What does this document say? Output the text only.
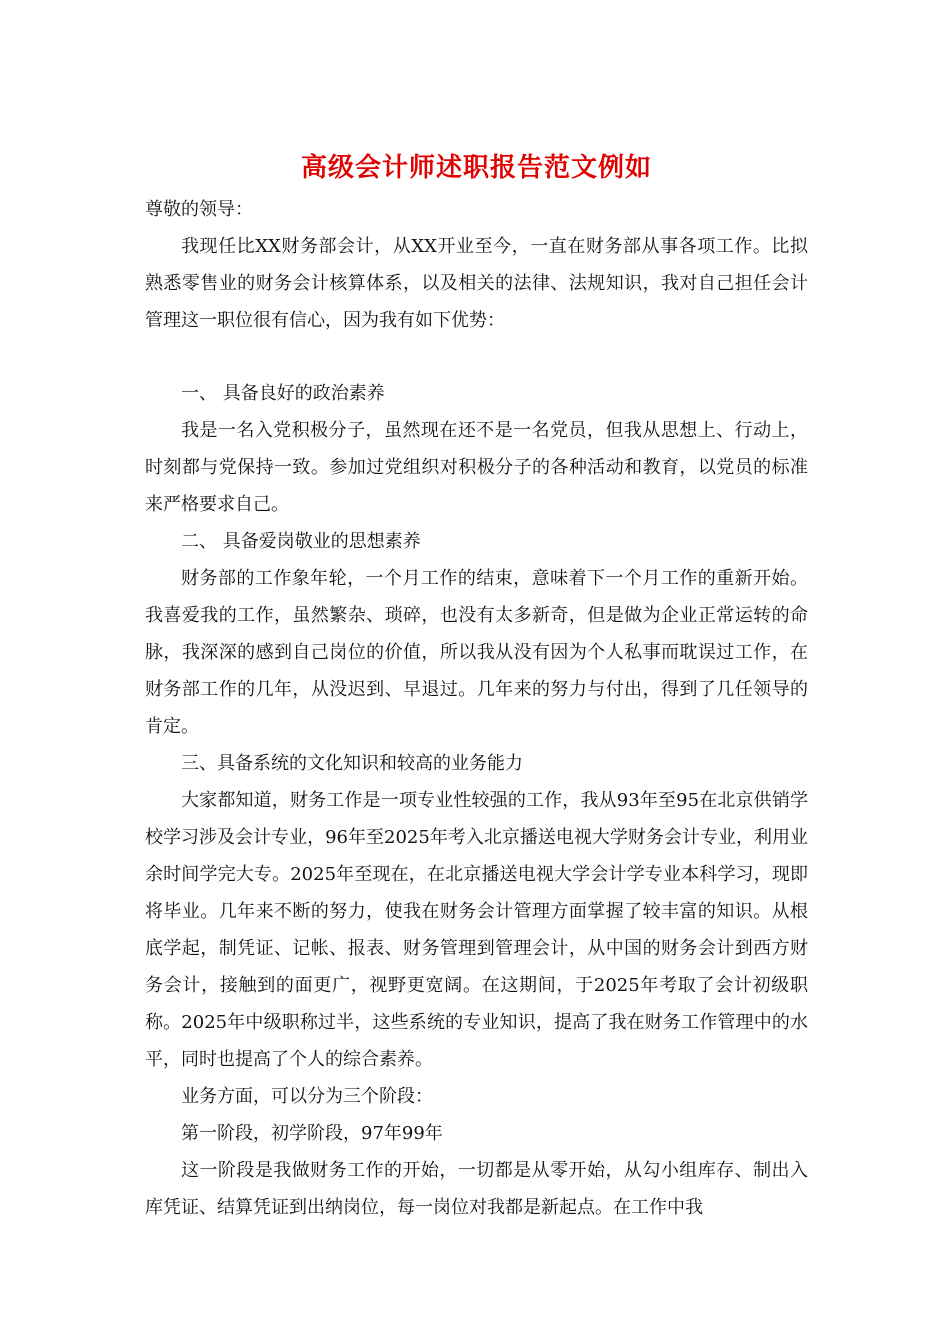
高级会计师述职报告范文例如

尊敬的领导：

我现任比XX财务部会计，从XX开业至今，一直在财务部从事各项工作。比拟熟悉零售业的财务会计核算体系，以及相关的法律、法规知识，我对自己担任会计管理这一职位很有信心，因为我有如下优势：

一、 具备良好的政治素养

我是一名入党积极分子，虽然现在还不是一名党员，但我从思想上、行动上，时刻都与党保持一致。参加过党组织对积极分子的各种活动和教育，以党员的标准来严格要求自己。

二、 具备爱岗敬业的思想素养

财务部的工作象年轮，一个月工作的结束，意味着下一个月工作的重新开始。我喜爱我的工作，虽然繁杂、琐碎，也没有太多新奇，但是做为企业正常运转的命脉，我深深的感到自己岗位的价值，所以我从没有因为个人私事而耽误过工作，在财务部工作的几年，从没迟到、早退过。几年来的努力与付出，得到了几任领导的肯定。

三、具备系统的文化知识和较高的业务能力

大家都知道，财务工作是一项专业性较强的工作，我从93年至95在北京供销学校学习涉及会计专业，96年至2025年考入北京播送电视大学财务会计专业，利用业余时间学完大专。2025年至现在，在北京播送电视大学会计学专业本科学习，现即将毕业。几年来不断的努力，使我在财务会计管理方面掌握了较丰富的知识。从根底学起，制凭证、记帐、报表、财务管理到管理会计，从中国的财务会计到西方财务会计，接触到的面更广，视野更宽阔。在这期间，于2025年考取了会计初级职称。2025年中级职称过半，这些系统的专业知识，提高了我在财务工作管理中的水平，同时也提高了个人的综合素养。

业务方面，可以分为三个阶段：

第一阶段，初学阶段，97年99年

这一阶段是我做财务工作的开始，一切都是从零开始，从勾小组库存、制出入库凭证、结算凭证到出纳岗位，每一岗位对我都是新起点。在工作中我
